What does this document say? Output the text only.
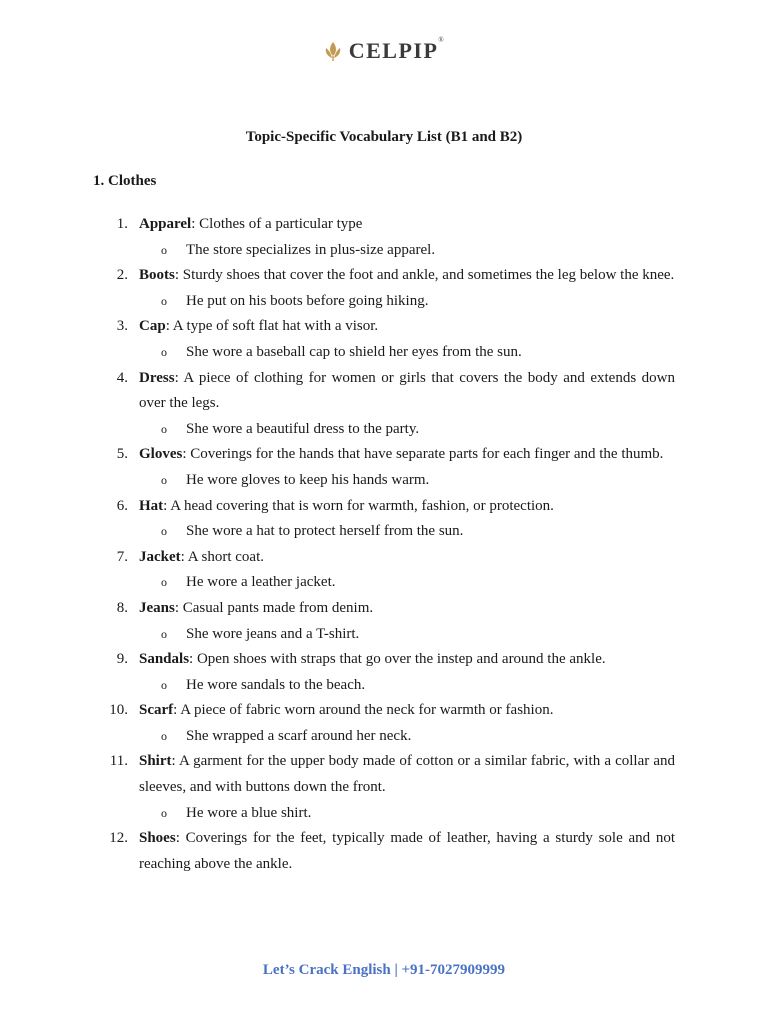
CELPIP®
Topic-Specific Vocabulary List (B1 and B2)
1. Clothes
1. Apparel: Clothes of a particular type
o The store specializes in plus-size apparel.
2. Boots: Sturdy shoes that cover the foot and ankle, and sometimes the leg below the knee.
o He put on his boots before going hiking.
3. Cap: A type of soft flat hat with a visor.
o She wore a baseball cap to shield her eyes from the sun.
4. Dress: A piece of clothing for women or girls that covers the body and extends down over the legs.
o She wore a beautiful dress to the party.
5. Gloves: Coverings for the hands that have separate parts for each finger and the thumb.
o He wore gloves to keep his hands warm.
6. Hat: A head covering that is worn for warmth, fashion, or protection.
o She wore a hat to protect herself from the sun.
7. Jacket: A short coat.
o He wore a leather jacket.
8. Jeans: Casual pants made from denim.
o She wore jeans and a T-shirt.
9. Sandals: Open shoes with straps that go over the instep and around the ankle.
o He wore sandals to the beach.
10. Scarf: A piece of fabric worn around the neck for warmth or fashion.
o She wrapped a scarf around her neck.
11. Shirt: A garment for the upper body made of cotton or a similar fabric, with a collar and sleeves, and with buttons down the front.
o He wore a blue shirt.
12. Shoes: Coverings for the feet, typically made of leather, having a sturdy sole and not reaching above the ankle.
Let’s Crack English | +91-7027909999
